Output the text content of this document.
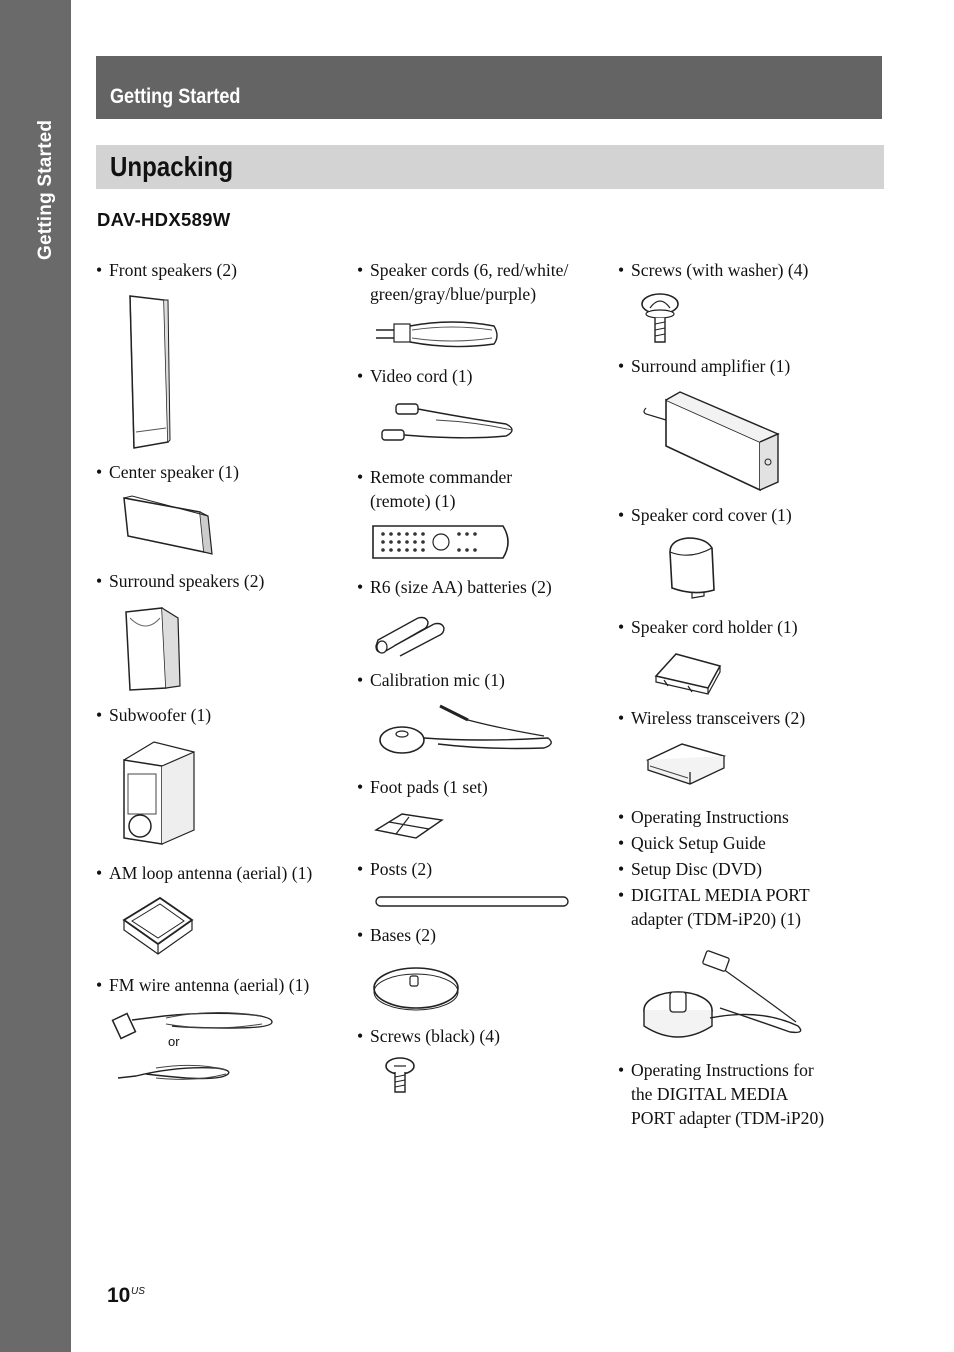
Getting Started
Getting Started
Unpacking
DAV-HDX589W
• Front speakers (2)
• Center speaker (1)
• Surround speakers (2)
• Subwoofer (1)
• AM loop antenna (aerial) (1)
• FM wire antenna (aerial) (1)
or
• Speaker cords (6, red/white/
green/gray/blue/purple)
• Video cord (1)
• Remote commander
(remote) (1)
• R6 (size AA) batteries (2)
• Calibration mic (1)
• Foot pads (1 set)
• Posts (2)
• Bases (2)
• Screws (black) (4)
• Screws (with washer) (4)
• Surround amplifier (1)
• Speaker cord cover (1)
• Speaker cord holder (1)
• Wireless transceivers (2)
• Operating Instructions
• Quick Setup Guide
• Setup Disc (DVD)
• DIGITAL MEDIA PORT
adapter (TDM-iP20) (1)
• Operating Instructions for
the DIGITAL MEDIA
PORT adapter (TDM-iP20)
10 US
